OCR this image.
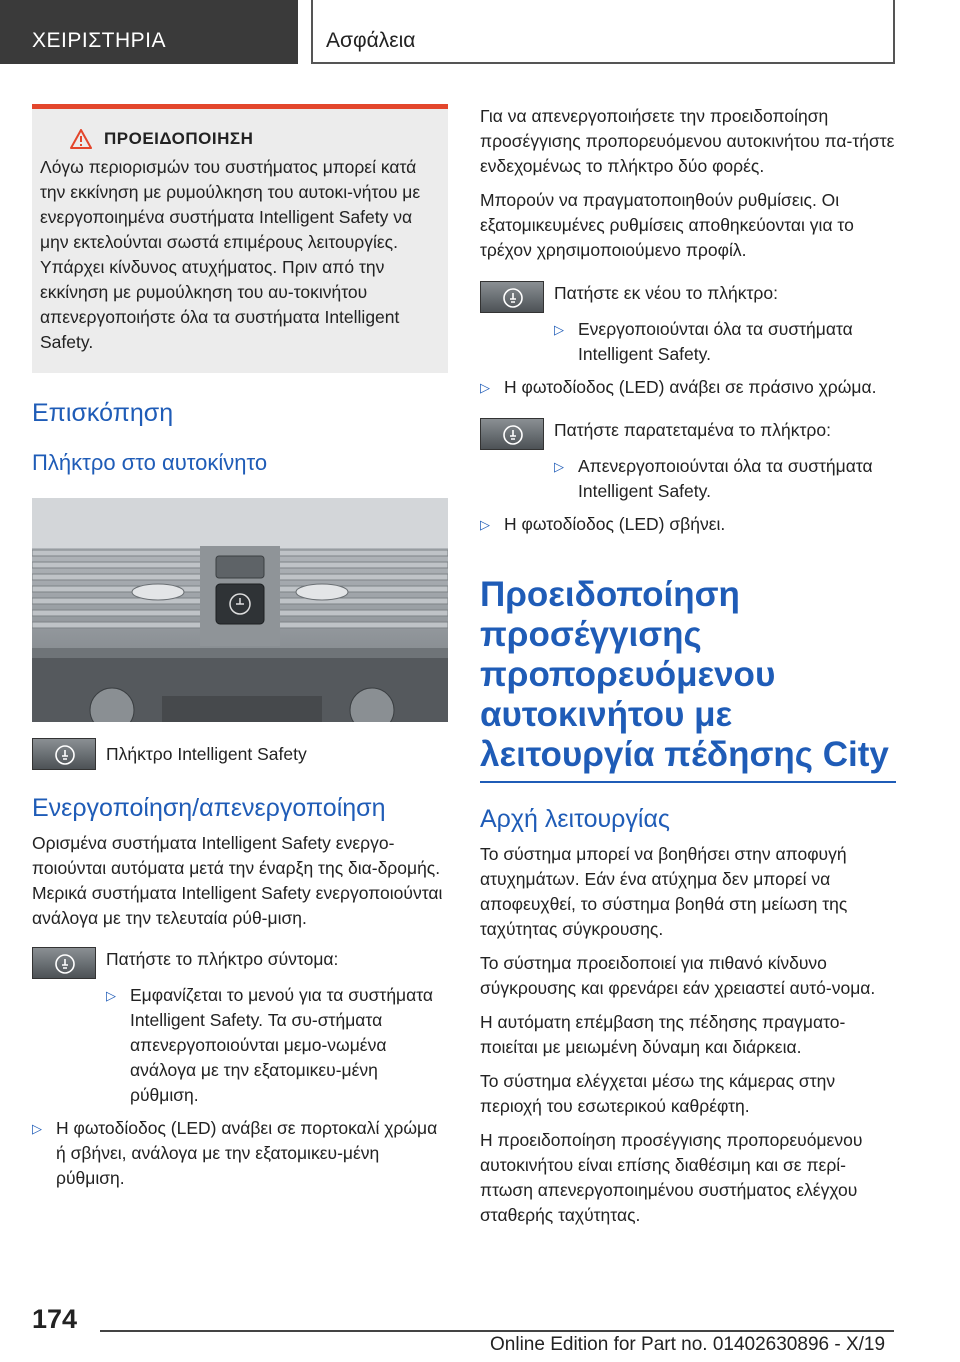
ΧΕΙΡΙΣΤΗΡΙΑ	Ασφάλεια
ΠΡΟΕΙΔΟΠΟΙΗΣΗ

Λόγω περιορισμών του συστήματος μπορεί κατά την εκκίνηση με ρυμούλκηση του αυτοκι-νήτου με ενεργοποιημένα συστήματα Intelligent Safety να μην εκτελούνται σωστά επιμέρους λειτουργίες. Υπάρχει κίνδυνος ατυχήματος. Πριν από την εκκίνηση με ρυμούλκηση του αυ-τοκινήτου απενεργοποιήστε όλα τα συστήματα Intelligent Safety.

Επισκόπηση
Πλήκτρο στο αυτοκίνητο

Πλήκτρο Intelligent Safety

Ενεργοποίηση/απενεργοποίηση

Ορισμένα συστήματα Intelligent Safety ενεργο-ποιούνται αυτόματα μετά την έναρξη της δια-δρομής. Μερικά συστήματα Intelligent Safety ενεργοποιούνται ανάλογα με την τελευταία ρύθ-μιση.

Πατήστε το πλήκτρο σύντομα:

▷ Εμφανίζεται το μενού για τα συστήματα Intelligent Safety. Τα συ-στήματα απενεργοποιούνται μεμο-νωμένα ανάλογα με την εξατομικευ-μένη ρύθμιση.

▷ Η φωτοδίοδος (LED) ανάβει σε πορτοκαλί χρώμα ή σβήνει, ανάλογα με την εξατομικευ-μένη ρύθμιση.

Για να απενεργοποιήσετε την προειδοποίηση προσέγγισης προπορευόμενου αυτοκινήτου πα-τήστε ενδεχομένως το πλήκτρο δύο φορές.

Μπορούν να πραγματοποιηθούν ρυθμίσεις. Οι εξατομικευμένες ρυθμίσεις αποθηκεύονται για το τρέχον χρησιμοποιούμενο προφίλ.

Πατήστε εκ νέου το πλήκτρο:

▷ Ενεργοποιούνται όλα τα συστήματα Intelligent Safety.

▷ Η φωτοδίοδος (LED) ανάβει σε πράσινο χρώμα.

Πατήστε παρατεταμένα το πλήκτρο:

▷ Απενεργοποιούνται όλα τα συστήματα Intelligent Safety.

▷ Η φωτοδίοδος (LED) σβήνει.

Προειδοποίηση προσέγγισης προπορευόμενου αυτοκινήτου με λειτουργία πέδησης City
Αρχή λειτουργίας

Το σύστημα μπορεί να βοηθήσει στην αποφυγή ατυχημάτων. Εάν ένα ατύχημα δεν μπορεί να αποφευχθεί, το σύστημα βοηθά στη μείωση της ταχύτητας σύγκρουσης.

Το σύστημα προειδοποιεί για πιθανό κίνδυνο σύγκρουσης και φρενάρει εάν χρειαστεί αυτό-νομα.

Η αυτόματη επέμβαση της πέδησης πραγματο-ποιείται με μειωμένη δύναμη και διάρκεια.

Το σύστημα ελέγχεται μέσω της κάμερας στην περιοχή του εσωτερικού καθρέφτη.

Η προειδοποίηση προσέγγισης προπορευόμενου αυτοκινήτου είναι επίσης διαθέσιμη και σε περί-πτωση απενεργοποιημένου συστήματος ελέγχου σταθερής ταχύτητας.

174
Online Edition for Part no. 01402630896 - X/19
